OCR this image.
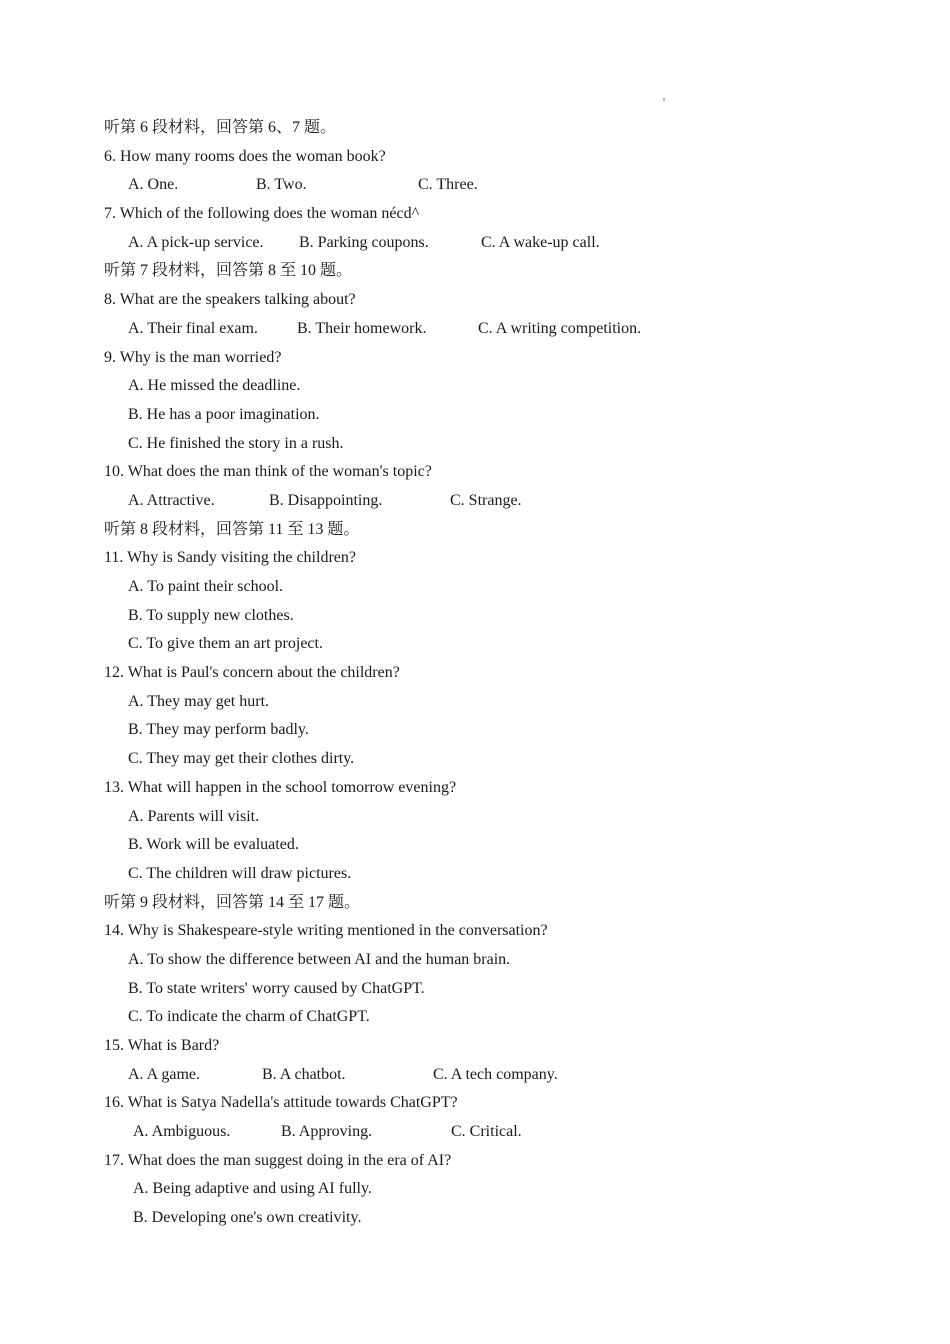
听第 6 段材料，回答第 6、7 题。
6. How many rooms does the woman book?
A. One.	B. Two.	C. Three.
7. Which of the following does the woman nécd^
A. A pick-up service. B. Parking coupons.	C. A wake-up call.
听第 7 段材料，回答第 8 至 10 题。
8. What are the speakers talking about?
A. Their final exam. B. Their homework.	C. A writing competition.
9. Why is the man worried?
A. He missed the deadline.
B. He has a poor imagination.
C. He finished the story in a rush.
10. What does the man think of the woman's topic?
A. Attractive.	B. Disappointing.	C. Strange.
听第 8 段材料，回答第 11 至 13 题。
11. Why is Sandy visiting the children?
A. To paint their school.
B. To supply new clothes.
C. To give them an art project.
12. What is Paul's concern about the children?
A. They may get hurt.
B. They may perform badly.
C. They may get their clothes dirty.
13. What will happen in the school tomorrow evening?
A. Parents will visit.
B. Work will be evaluated.
C. The children will draw pictures.
听第 9 段材料，回答第 14 至 17 题。
14. Why is Shakespeare-style writing mentioned in the conversation?
A. To show the difference between AI and the human brain.
B. To state writers' worry caused by ChatGPT.
C. To indicate the charm of ChatGPT.
15. What is Bard?
A. A game.	B. A chatbot.	C. A tech company.
16. What is Satya Nadella's attitude towards ChatGPT?
A. Ambiguous.	B. Approving.	C. Critical.
17. What does the man suggest doing in the era of AI?
A. Being adaptive and using AI fully.
B. Developing one's own creativity.
